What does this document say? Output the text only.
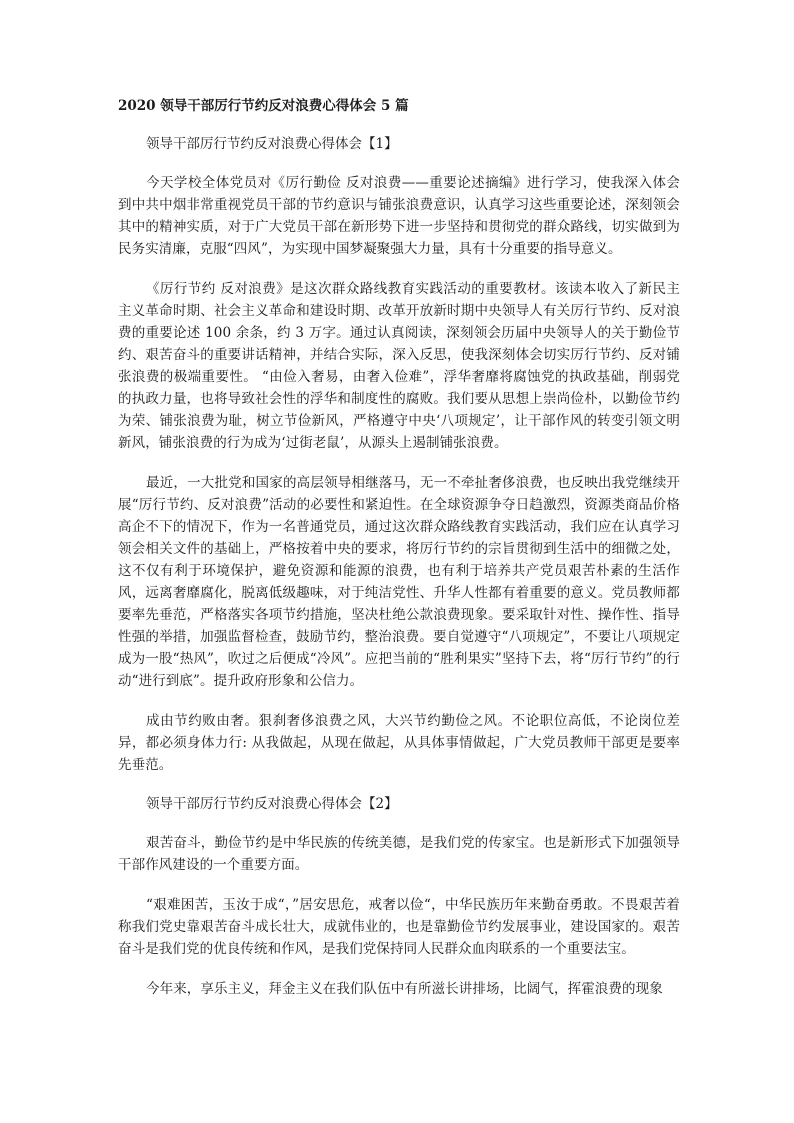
2020 领导干部厉行节约反对浪费心得体会 5 篇
领导干部厉行节约反对浪费心得体会【1】

今天学校全体党员对《厉行勤俭 反对浪费——重要论述摘编》进行学习，使我深入体会到中共中烟非常重视党员干部的节约意识与铺张浪费意识，认真学习这些重要论述，深刻领会其中的精神实质，对于广大党员干部在新形势下进一步坚持和贯彻党的群众路线，切实做到为民务实清廉，克服“四风”，为实现中国梦凝聚强大力量，具有十分重要的指导意义。

《厉行节约 反对浪费》是这次群众路线教育实践活动的重要教材。该读本收入了新民主主义革命时期、社会主义革命和建设时期、改革开放新时期中央领导人有关厉行节约、反对浪费的重要论述 100 余条，约 3 万字。通过认真阅读，深刻领会历届中央领导人的关于勤俭节约、艰苦奋斗的重要讲话精神，并结合实际，深入反思，使我深刻体会切实厉行节约、反对铺张浪费的极端重要性。 “由俭入奢易，由奢入俭难”，浮华奢靡将腐蚀党的执政基础，削弱党的执政力量，也将导致社会性的浮华和制度性的腐败。我们要从思想上崇尚俭朴，以勤俭节约为荣、铺张浪费为耻，树立节俭新风，严格遵守中央‘八项规定’，让干部作风的转变引领文明新风，铺张浪费的行为成为‘过街老鼠’，从源头上遏制铺张浪费。

最近，一大批党和国家的高层领导相继落马，无一不牵扯奢侈浪费，也反映出我党继续开展“厉行节约、反对浪费”活动的必要性和紧迫性。在全球资源争夺日趋激烈，资源类商品价格高企不下的情况下，作为一名普通党员，通过这次群众路线教育实践活动，我们应在认真学习领会相关文件的基础上，严格按着中央的要求，将厉行节约的宗旨贯彻到生活中的细微之处，这不仅有利于环境保护，避免资源和能源的浪费，也有利于培养共产党员艰苦朴素的生活作风，远离奢靡腐化，脱离低级趣味，对于纯洁党性、升华人性都有着重要的意义。党员教师都要率先垂范，严格落实各项节约措施，坚决杜绝公款浪费现象。要采取针对性、操作性、指导性强的举措，加强监督检查，鼓励节约，整治浪费。要自觉遵守“八项规定”，不要让八项规定成为一股“热风”，吹过之后便成“冷风”。应把当前的“胜利果实”坚持下去，将“厉行节约”的行动“进行到底”。提升政府形象和公信力。

成由节约败由奢。狠刹奢侈浪费之风，大兴节约勤俭之风。不论职位高低，不论岗位差异，都必须身体力行: 从我做起，从现在做起，从具体事情做起，广大党员教师干部更是要率先垂范。

领导干部厉行节约反对浪费心得体会【2】

艰苦奋斗，勤俭节约是中华民族的传统美德，是我们党的传家宝。也是新形式下加强领导干部作风建设的一个重要方面。

“艰难困苦，玉汝于成“，”居安思危，戒奢以俭“，中华民族历年来勤奋勇敢。不畏艰苦着称我们党史靠艰苦奋斗成长壮大，成就伟业的，也是靠勤俭节约发展事业，建设国家的。艰苦奋斗是我们党的优良传统和作风，是我们党保持同人民群众血肉联系的一个重要法宝。

今年来，享乐主义，拜金主义在我们队伍中有所滋长讲排场，比阔气，挥霍浪费的现象
